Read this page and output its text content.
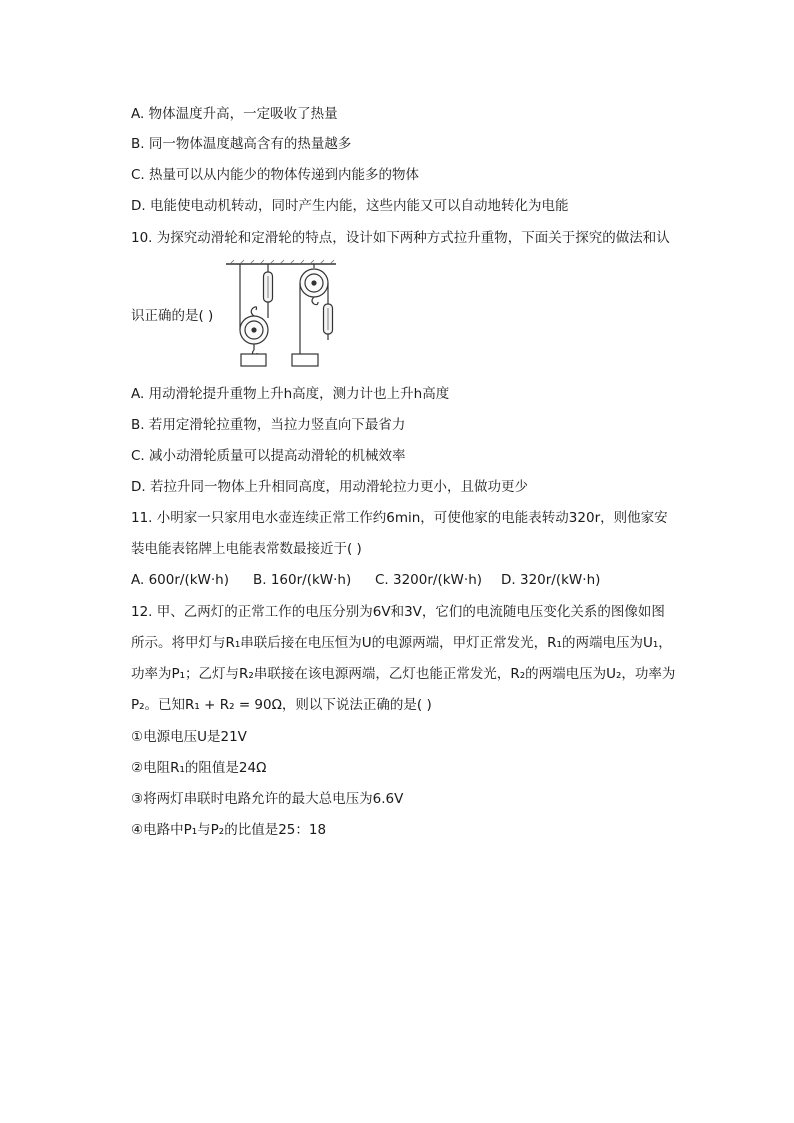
A. 物体温度升高，一定吸收了热量
B. 同一物体温度越高含有的热量越多
C. 热量可以从内能少的物体传递到内能多的物体
D. 电能使电动机转动，同时产生内能，这些内能又可以自动地转化为电能
10. 为探究动滑轮和定滑轮的特点，设计如下两种方式拉升重物，下面关于探究的做法和认
识正确的是( )
A. 用动滑轮提升重物上升h高度，测力计也上升h高度
B. 若用定滑轮拉重物，当拉力竖直向下最省力
C. 减小动滑轮质量可以提高动滑轮的机械效率
D. 若拉升同一物体上升相同高度，用动滑轮拉力更小，且做功更少
11. 小明家一只家用电水壶连续正常工作约6min，可使他家的电能表转动320r，则他家安
装电能表铭牌上电能表常数最接近于( )
A. 600r/(kW·h) B. 160r/(kW·h) C. 3200r/(kW·h) D. 320r/(kW·h)
12. 甲、乙两灯的正常工作的电压分别为6V和3V，它们的电流随电压变化关系的图像如图
所示。将甲灯与R₁串联后接在电压恒为U的电源两端，甲灯正常发光，R₁的两端电压为U₁，
功率为P₁；乙灯与R₂串联接在该电源两端，乙灯也能正常发光，R₂的两端电压为U₂，功率为
P₂。已知R₁ + R₂ = 90Ω，则以下说法正确的是( )
①电源电压U是21V
②电阻R₁的阻值是24Ω
③将两灯串联时电路允许的最大总电压为6.6V
④电路中P₁与P₂的比值是25：18
